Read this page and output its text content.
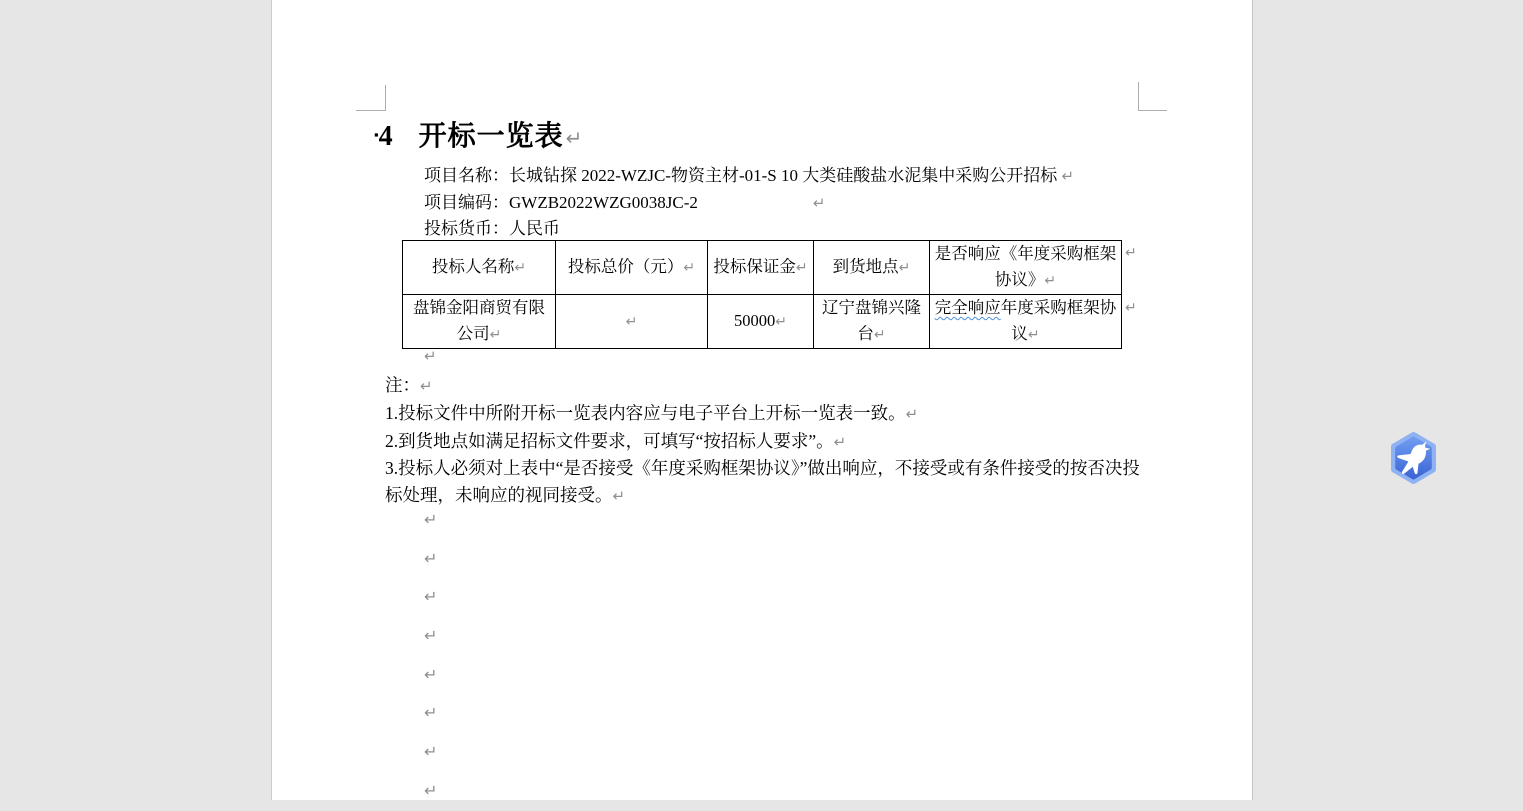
▪4 开标一览表 ↵
项目名称：长城钻探 2022-WZJC-物资主材-01-S 10 大类硅酸盐水泥集中采购公开招标 ↵
项目编码：GWZB2022WZG0038JC-2	↵
投标货币：人民币
投标人名称↵	投标总价（元）↵	投标保证金↵	到货地点↵	是否响应《年度采购框架协议》↵
盘锦金阳商贸有限公司↵	↵	50000↵	辽宁盘锦兴隆台↵	完全响应年度采购框架协议↵
↵
↵
↵
注：↵
1.投标文件中所附开标一览表内容应与电子平台上开标一览表一致。↵
2.到货地点如满足招标文件要求，可填写“按招标人要求”。↵
3.投标人必须对上表中“是否接受《年度采购框架协议》”做出响应，不接受或有条件接受的按否决投标处理，未响应的视同接受。↵
↵
↵
↵
↵
↵
↵
↵
↵
